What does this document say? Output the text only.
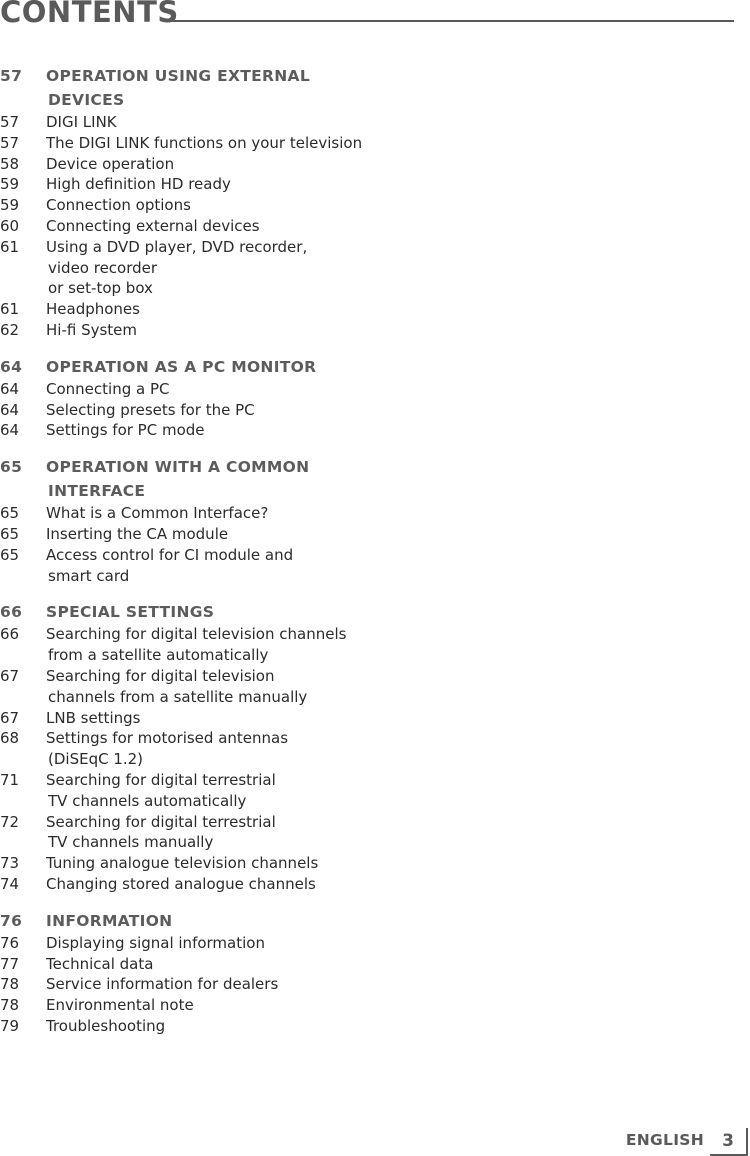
CONTENTS
57 OPERATION USING EXTERNAL
DEVICES
57 DIGI LINK
57 The DIGI LINK functions on your television
58 Device operation
59 High definition HD ready
59 Connection options
60 Connecting external devices
61 Using a DVD player, DVD recorder,
video recorder
or set-top box
61 Headphones
62 Hi-fi System
64 OPERATION AS A PC MONITOR
64 Connecting a PC
64 Selecting presets for the PC
64 Settings for PC mode
65 OPERATION WITH A COMMON
INTERFACE
65 What is a Common Interface?
65 Inserting the CA module
65 Access control for CI module and
smart card
66 SPECIAL SETTINGS
66 Searching for digital television channels
from a satellite automatically
67 Searching for digital television
channels from a satellite manually
67 LNB settings
68 Settings for motorised antennas
(DiSEqC 1.2)
71 Searching for digital terrestrial
TV channels automatically
72 Searching for digital terrestrial
TV channels manually
73 Tuning analogue television channels
74 Changing stored analogue channels
76 INFORMATION
76 Displaying signal information
77 Technical data
78 Service information for dealers
78 Environmental note
79 Troubleshooting
ENGLISH	3
